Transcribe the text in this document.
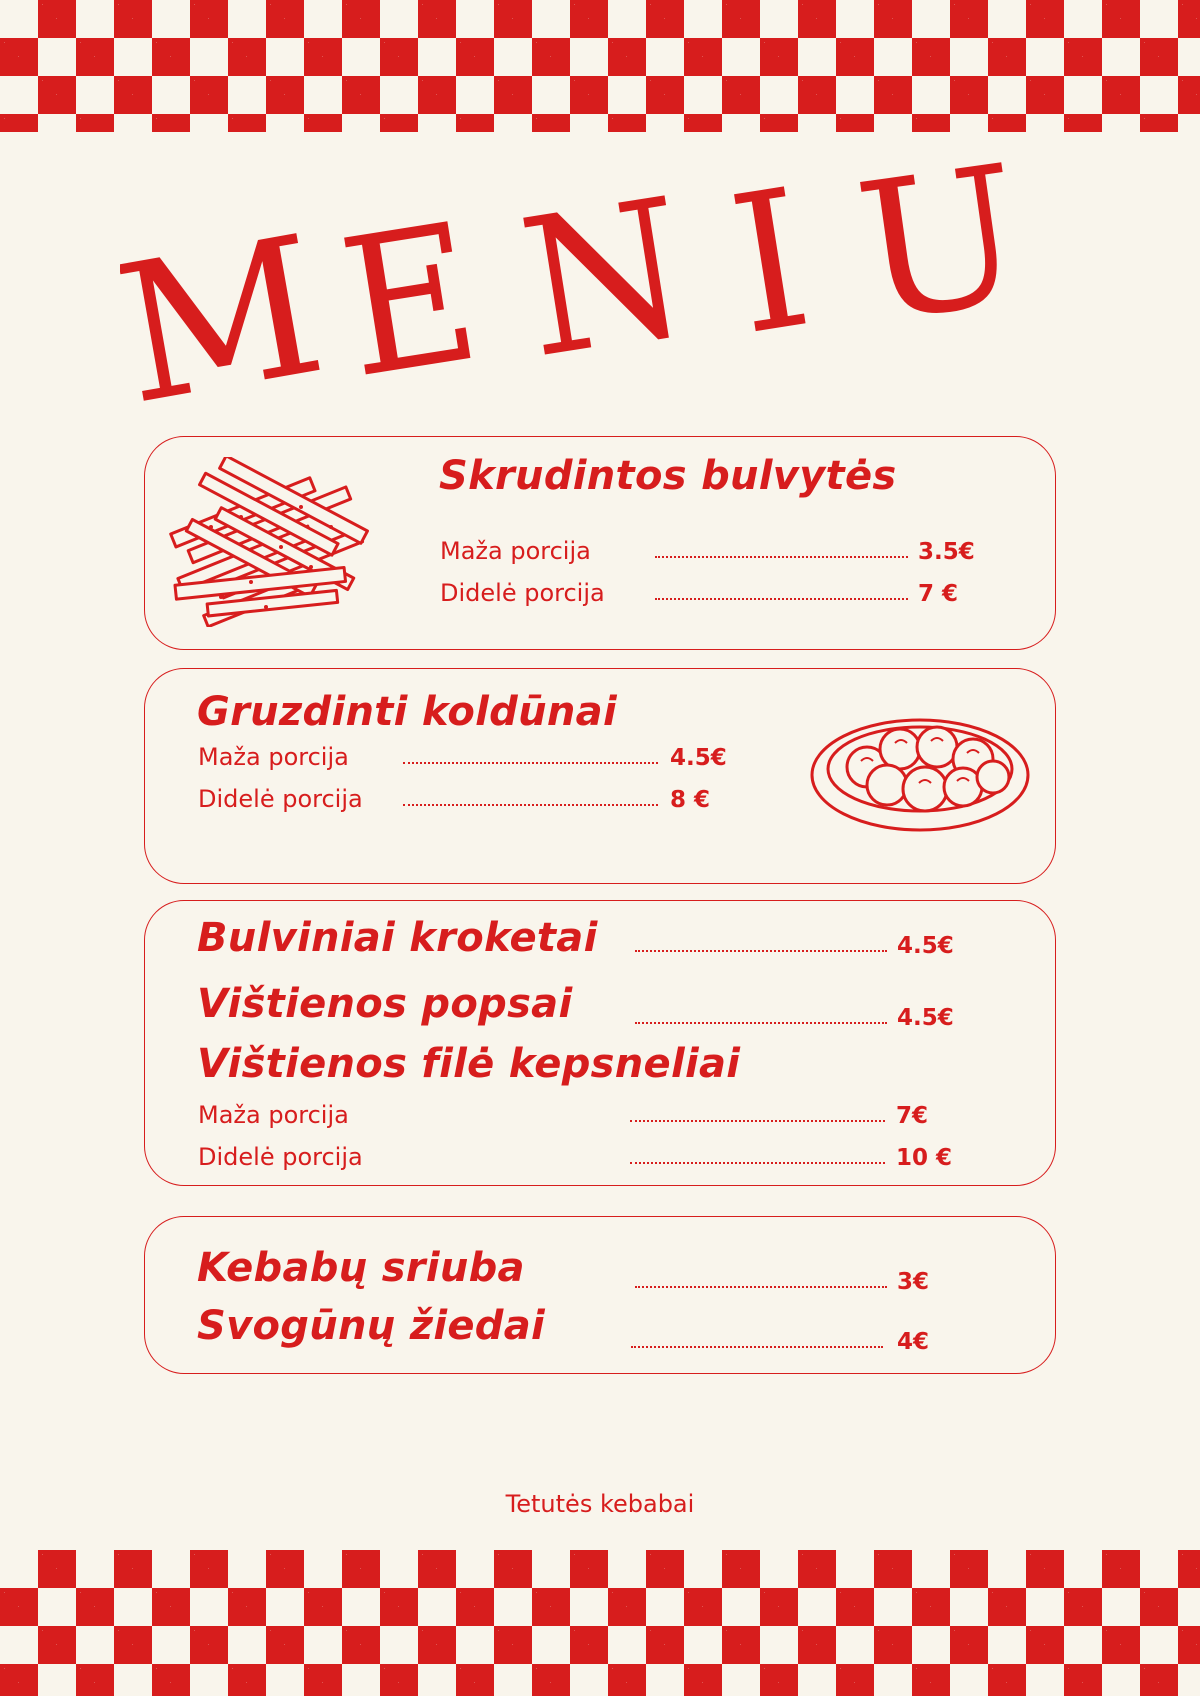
M
E N I U
Skrudintos bulvytės
Maža porcija	3.5€
Didelė porcija	7 €
Gruzdinti koldūnai
Maža porcija	4.5€
Didelė porcija	8 €
Bulviniai kroketai	4.5€
Vištienos popsai	4.5€
Vištienos filė kepsneliai
Maža porcija	7€
Didelė porcija	10 €
Kebabų sriuba	3€
Svogūnų žiedai	4€
Tetutės kebabai
